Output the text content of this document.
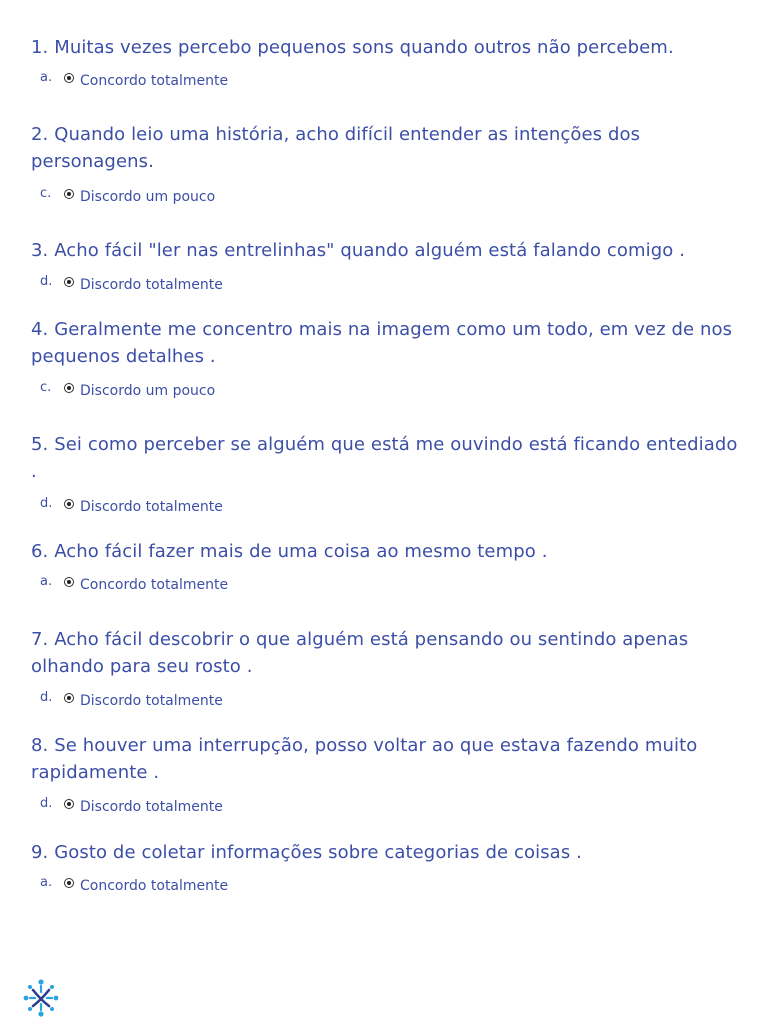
1. Muitas vezes percebo pequenos sons quando outros não percebem.
a. Concordo totalmente
2. Quando leio uma história, acho difícil entender as intenções dos personagens.
c.	Discordo um pouco
3. Acho fácil "ler nas entrelinhas" quando alguém está falando comigo .
d. Discordo totalmente
4. Geralmente me concentro mais na imagem como um todo, em vez de nos pequenos detalhes .
c.	Discordo um pouco
5. Sei como perceber se alguém que está me ouvindo está ficando entediado .
d. Discordo totalmente
6. Acho fácil fazer mais de uma coisa ao mesmo tempo .
a. Concordo totalmente
7. Acho fácil descobrir o que alguém está pensando ou sentindo apenas olhando para seu rosto .
d. Discordo totalmente
8. Se houver uma interrupção, posso voltar ao que estava fazendo muito rapidamente .
d. Discordo totalmente
9. Gosto de coletar informações sobre categorias de coisas .
a. Concordo totalmente
